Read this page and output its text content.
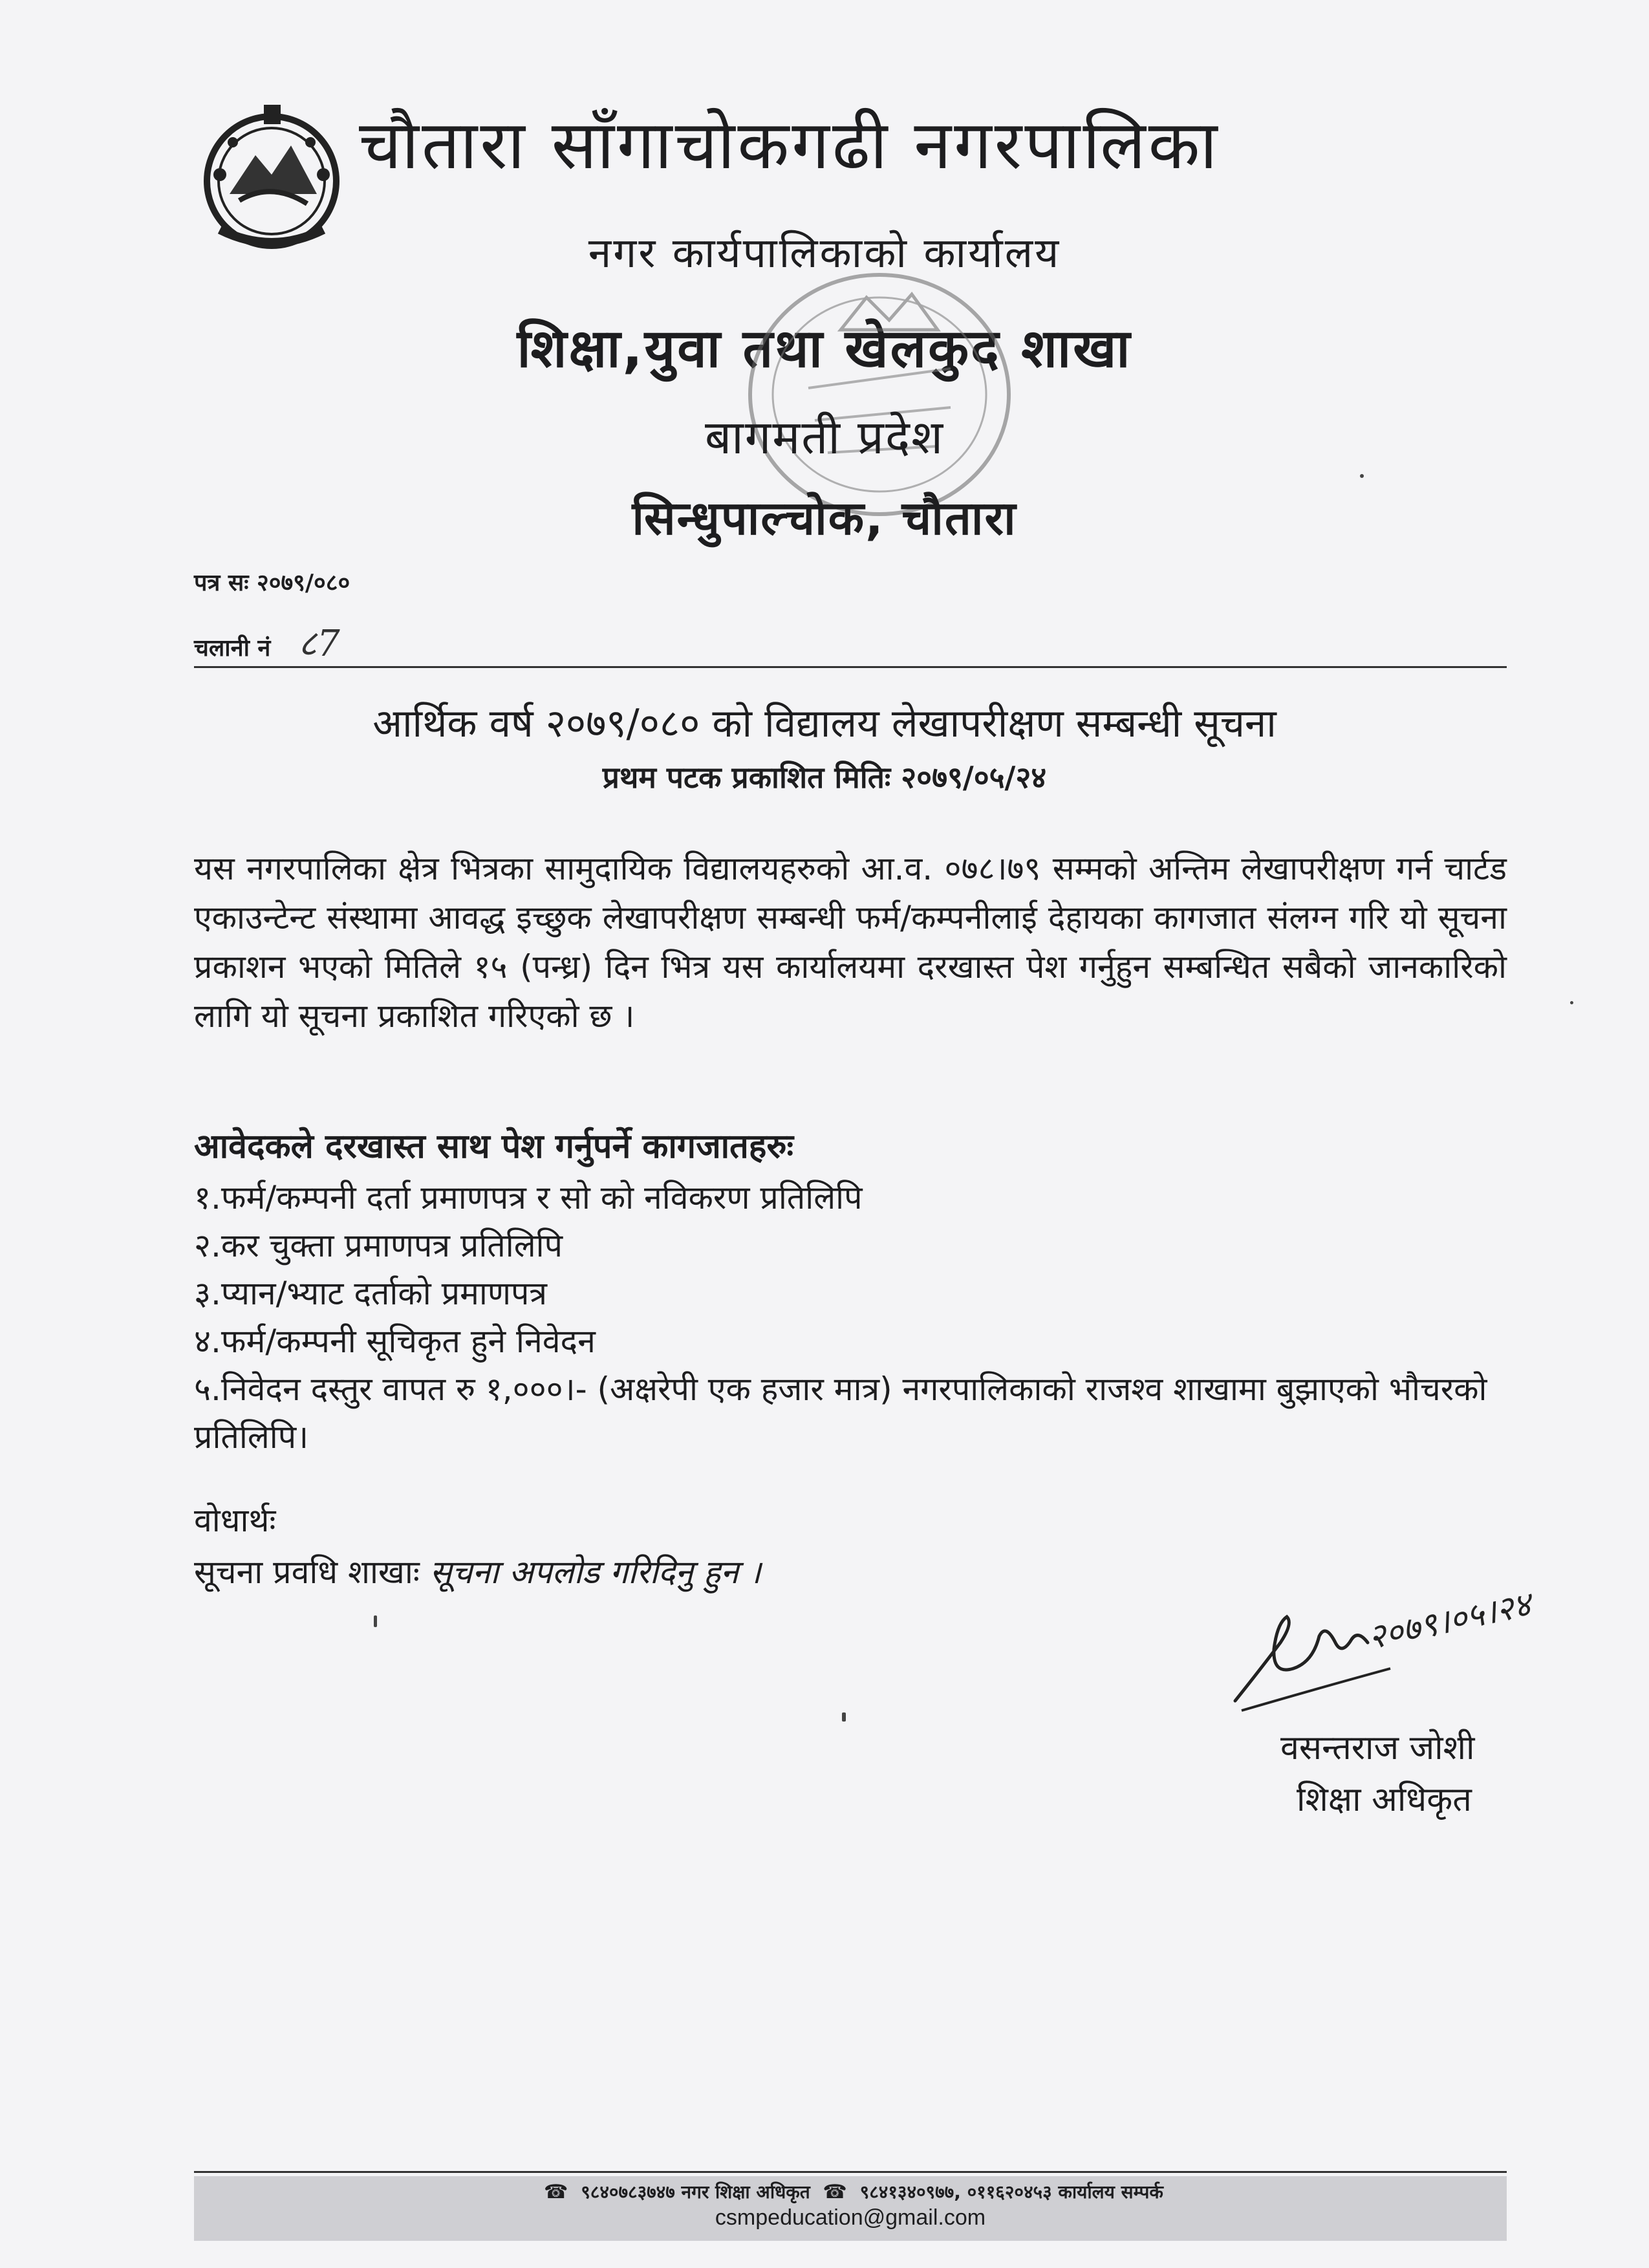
चौतारा साँगाचोकगढी नगरपालिका
नगर कार्यपालिकाको कार्यालय
शिक्षा,युवा तथा खेलकुद शाखा
बागमती प्रदेश
सिन्धुपाल्चोक, चौतारा
पत्र सः २०७९/०८०
चलानी नं ८7
आर्थिक वर्ष २०७९/०८० को विद्यालय लेखापरीक्षण सम्बन्धी सूचना
प्रथम पटक प्रकाशित मितिः २०७९/०५/२४
यस नगरपालिका क्षेत्र भित्रका सामुदायिक विद्यालयहरुको आ.व. ०७८।७९ सम्मको अन्तिम लेखापरीक्षण गर्न चार्टड एकाउन्टेन्ट संस्थामा आवद्ध इच्छुक लेखापरीक्षण सम्बन्धी फर्म/कम्पनीलाई देहायका कागजात संलग्न गरि यो सूचना प्रकाशन भएको मितिले १५ (पन्ध्र) दिन भित्र यस कार्यालयमा दरखास्त पेश गर्नुहुन सम्बन्धित सबैको जानकारिको लागि यो सूचना प्रकाशित गरिएको छ ।
आवेदकले दरखास्त साथ पेश गर्नुपर्ने कागजातहरुः
१.फर्म/कम्पनी दर्ता प्रमाणपत्र र सो को नविकरण प्रतिलिपि
२.कर चुक्ता प्रमाणपत्र प्रतिलिपि
३.प्यान/भ्याट दर्ताको प्रमाणपत्र
४.फर्म/कम्पनी सूचिकृत हुने निवेदन
५.निवेदन दस्तुर वापत रु १,०००।- (अक्षरेपी एक हजार मात्र) नगरपालिकाको राजश्व शाखामा बुझाएको भौचरको प्रतिलिपि।
वोधार्थः
सूचना प्रवधि शाखाः सूचना अपलोड गरिदिनु हुन ।
२०७९।०५।२४
वसन्तराज जोशी
शिक्षा अधिकृत
☎ ९८४०७८३७४७ नगर शिक्षा अधिकृत ☎ ९८४१३४०९७७, ०११६२०४५३ कार्यालय सम्पर्क
csmpeducation@gmail.com
